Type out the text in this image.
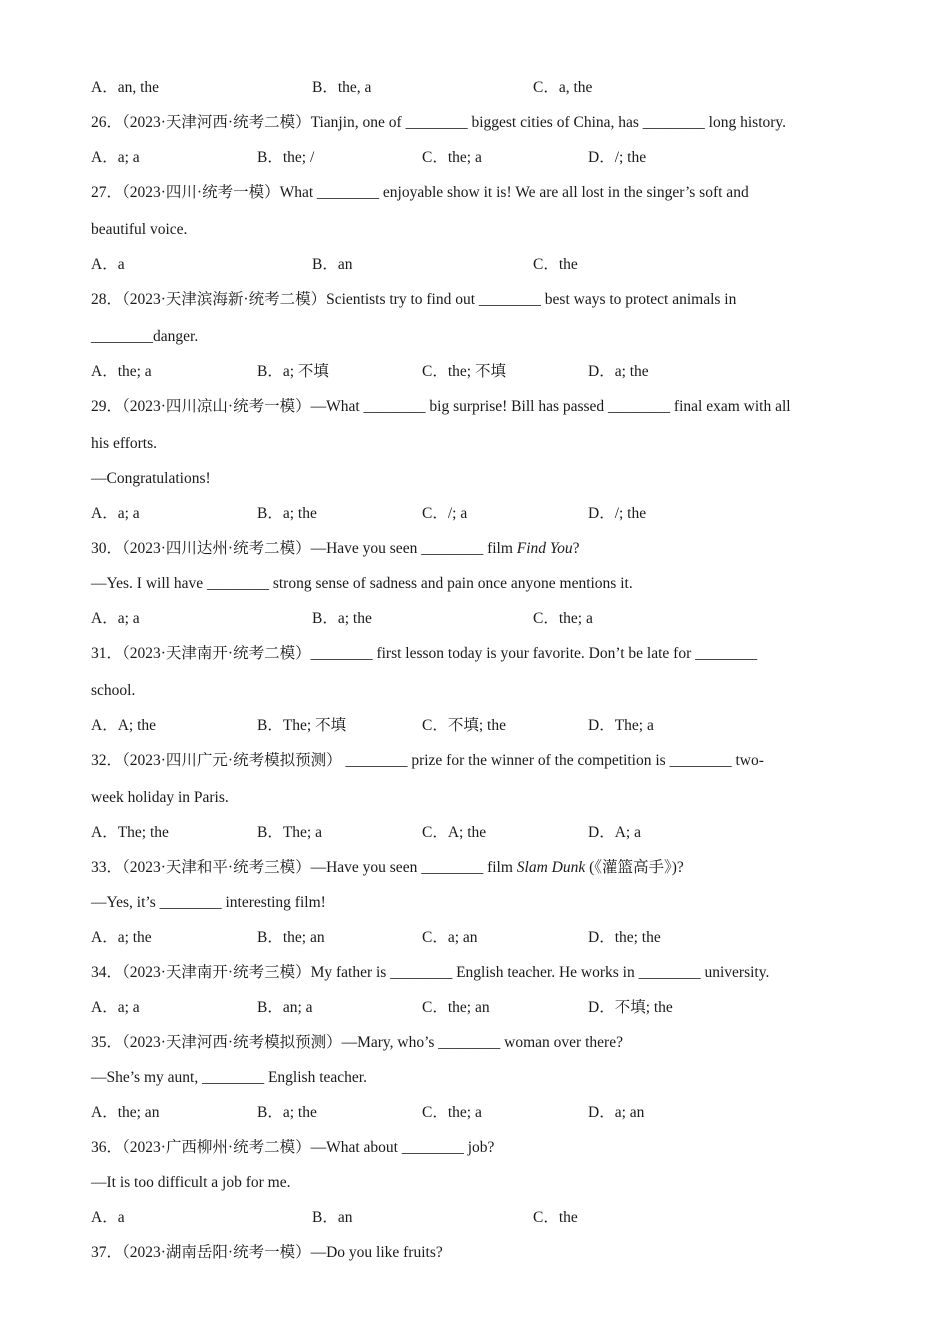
A．an, the	B．the, a	C．a, the
26．（2023·天津河西·统考二模）Tianjin, one of ________ biggest cities of China, has ________ long history.
A．a; a	B．the; /	C．the; a	D．/; the
27．（2023·四川·统考一模）What ________ enjoyable show it is! We are all lost in the singer’s soft and
beautiful voice.
A．a	B．an	C．the
28．（2023·天津滨海新·统考二模）Scientists try to find out ________ best ways to protect animals in
________danger.
A．the; a	B．a; 不填	C．the; 不填	D．a; the
29．（2023·四川凉山·统考一模）—What ________ big surprise! Bill has passed ________ final exam with all
his efforts.
—Congratulations!
A．a; a	B．a; the	C．/; a	D．/; the
30．（2023·四川达州·统考二模）—Have you seen ________ film Find You?
—Yes. I will have ________ strong sense of sadness and pain once anyone mentions it.
A．a; a	B．a; the	C．the; a
31．（2023·天津南开·统考二模）________ first lesson today is your favorite. Don’t be late for ________
school.
A．A; the	B．The; 不填	C．不填; the	D．The; a
32．（2023·四川广元·统考模拟预测） ________ prize for the winner of the competition is ________ two-
week holiday in Paris.
A．The; the	B．The; a	C．A; the	D．A; a
33．（2023·天津和平·统考三模）—Have you seen ________ film Slam Dunk (《灌篮高手》)?
—Yes, it’s ________ interesting film!
A．a; the	B．the; an	C．a; an	D．the; the
34．（2023·天津南开·统考三模）My father is ________ English teacher. He works in ________ university.
A．a; a	B．an; a	C．the; an	D．不填; the
35．（2023·天津河西·统考模拟预测）—Mary, who’s ________ woman over there?
—She’s my aunt, ________ English teacher.
A．the; an	B．a; the	C．the; a	D．a; an
36．（2023·广西柳州·统考二模）—What about ________ job?
—It is too difficult a job for me.
A．a	B．an	C．the
37．（2023·湖南岳阳·统考一模）—Do you like fruits?
